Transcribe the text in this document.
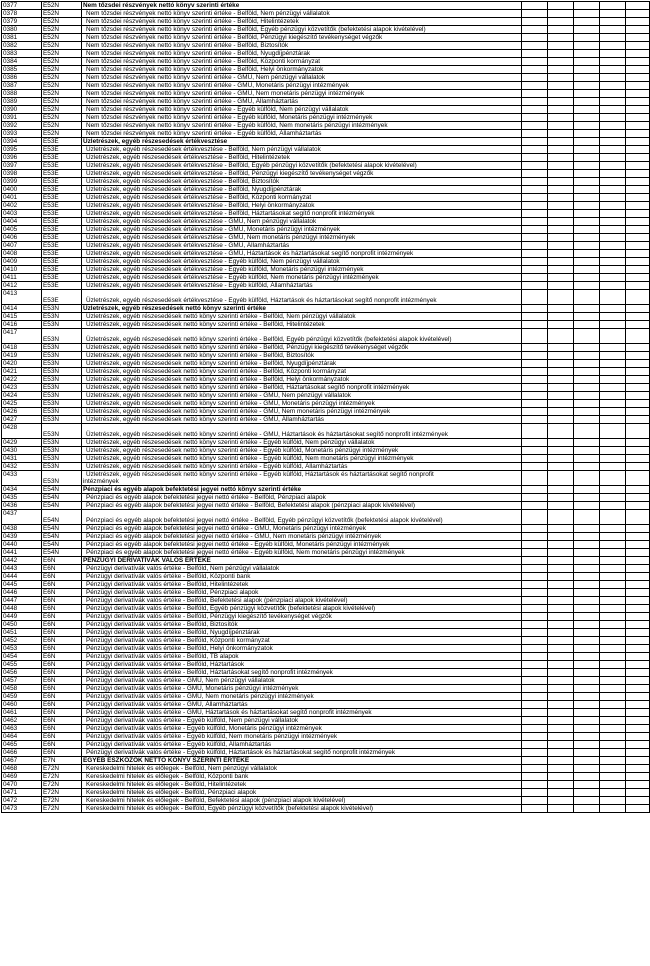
0377	E52N	Nem tőzsdei részvények nettó könyv szerinti értéke					
0378	E52N	Nem tőzsdei részvények nettó könyv szerinti értéke - Belföld, Nem pénzügyi vállalatok					
0379	E52N	Nem tőzsdei részvények nettó könyv szerinti értéke - Belföld, Hitelintézetek					
0380	E52N	Nem tőzsdei részvények nettó könyv szerinti értéke - Belföld, Egyéb pénzügyi közvetítők (befektetési alapok kivételével)					
0381	E52N	Nem tőzsdei részvények nettó könyv szerinti értéke - Belföld, Pénzügyi kiegészítő tevékenységet végzők					
0382	E52N	Nem tőzsdei részvények nettó könyv szerinti értéke - Belföld, Biztosítók					
0383	E52N	Nem tőzsdei részvények nettó könyv szerinti értéke - Belföld, Nyugdíjpénztárak					
0384	E52N	Nem tőzsdei részvények nettó könyv szerinti értéke - Belföld, Központi kormányzat					
0385	E52N	Nem tőzsdei részvények nettó könyv szerinti értéke - Belföld, Helyi önkormányzatok					
0386	E52N	Nem tőzsdei részvények nettó könyv szerinti értéke - GMU, Nem pénzügyi vállalatok					
0387	E52N	Nem tőzsdei részvények nettó könyv szerinti értéke - GMU, Monetáris pénzügyi intézmények					
0388	E52N	Nem tőzsdei részvények nettó könyv szerinti értéke - GMU, Nem monetáris pénzügyi intézmények					
0389	E52N	Nem tőzsdei részvények nettó könyv szerinti értéke - GMU, Államháztartás					
0390	E52N	Nem tőzsdei részvények nettó könyv szerinti értéke - Egyéb külföld, Nem pénzügyi vállalatok					
0391	E52N	Nem tőzsdei részvények nettó könyv szerinti értéke - Egyéb külföld, Monetáris pénzügyi intézmények					
0392	E52N	Nem tőzsdei részvények nettó könyv szerinti értéke - Egyéb külföld, Nem monetáris pénzügyi intézmények					
0393	E52N	Nem tőzsdei részvények nettó könyv szerinti értéke - Egyéb külföld, Államháztartás					
0394	E53E	Üzletrészek, egyéb részesedések értékvesztése					
0395	E53E	Üzletrészek, egyéb részesedések értékvesztése - Belföld, Nem pénzügyi vállalatok					
0396	E53E	Üzletrészek, egyéb részesedések értékvesztése - Belföld, Hitelintézetek					
0397	E53E	Üzletrészek, egyéb részesedések értékvesztése - Belföld, Egyéb pénzügyi közvetítők (befektetési alapok kivételével)					
0398	E53E	Üzletrészek, egyéb részesedések értékvesztése - Belföld, Pénzügyi kiegészítő tevékenységet végzők					
0399	E53E	Üzletrészek, egyéb részesedések értékvesztése - Belföld, Biztosítók					
0400	E53E	Üzletrészek, egyéb részesedések értékvesztése - Belföld, Nyugdíjpénztárak					
0401	E53E	Üzletrészek, egyéb részesedések értékvesztése - Belföld, Központi kormányzat					
0402	E53E	Üzletrészek, egyéb részesedések értékvesztése - Belföld, Helyi önkormányzatok					
0403	E53E	Üzletrészek, egyéb részesedések értékvesztése - Belföld, Háztartásokat segítő nonprofit intézmények					
0404	E53E	Üzletrészek, egyéb részesedések értékvesztése - GMU, Nem pénzügyi vállalatok					
0405	E53E	Üzletrészek, egyéb részesedések értékvesztése - GMU, Monetáris pénzügyi intézmények					
0406	E53E	Üzletrészek, egyéb részesedések értékvesztése - GMU, Nem monetáris pénzügyi intézmények					
0407	E53E	Üzletrészek, egyéb részesedések értékvesztése - GMU, Államháztartás					
0408	E53E	Üzletrészek, egyéb részesedések értékvesztése - GMU, Háztartások és háztartásokat segítő nonprofit intézmények					
0409	E53E	Üzletrészek, egyéb részesedések értékvesztése - Egyéb külföld, Nem pénzügyi vállalatok					
0410	E53E	Üzletrészek, egyéb részesedések értékvesztése - Egyéb külföld, Monetáris pénzügyi intézmények					
0411	E53E	Üzletrészek, egyéb részesedések értékvesztése - Egyéb külföld, Nem monetáris pénzügyi intézmények					
0412	E53E	Üzletrészek, egyéb részesedések értékvesztése - Egyéb külföld, Államháztartás					
0413	E53E	Üzletrészek, egyéb részesedések értékvesztése - Egyéb külföld, Háztartások és háztartásokat segítő nonprofit intézmények					
0414	E53N	Üzletrészek, egyéb részesedések nettó könyv szerinti értéke					
0415	E53N	Üzletrészek, egyéb részesedések nettó könyv szerinti értéke - Belföld, Nem pénzügyi vállalatok					
0416	E53N	Üzletrészek, egyéb részesedések nettó könyv szerinti értéke - Belföld, Hitelintézetek					
0417	E53N	Üzletrészek, egyéb részesedések nettó könyv szerinti értéke - Belföld, Egyéb pénzügyi közvetítők (befektetési alapok kivételével)					
0418	E53N	Üzletrészek, egyéb részesedések nettó könyv szerinti értéke - Belföld, Pénzügyi kiegészítő tevékenységet végzők					
0419	E53N	Üzletrészek, egyéb részesedések nettó könyv szerinti értéke - Belföld, Biztosítók					
0420	E53N	Üzletrészek, egyéb részesedések nettó könyv szerinti értéke - Belföld, Nyugdíjpénztárak					
0421	E53N	Üzletrészek, egyéb részesedések nettó könyv szerinti értéke - Belföld, Központi kormányzat					
0422	E53N	Üzletrészek, egyéb részesedések nettó könyv szerinti értéke - Belföld, Helyi önkormányzatok					
0423	E53N	Üzletrészek, egyéb részesedések nettó könyv szerinti értéke - Belföld, Háztartásokat segítő nonprofit intézmények					
0424	E53N	Üzletrészek, egyéb részesedések nettó könyv szerinti értéke - GMU, Nem pénzügyi vállalatok					
0425	E53N	Üzletrészek, egyéb részesedések nettó könyv szerinti értéke - GMU, Monetáris pénzügyi intézmények					
0426	E53N	Üzletrészek, egyéb részesedések nettó könyv szerinti értéke - GMU, Nem monetáris pénzügyi intézmények					
0427	E53N	Üzletrészek, egyéb részesedések nettó könyv szerinti értéke - GMU, Államháztartás					
0428	E53N	Üzletrészek, egyéb részesedések nettó könyv szerinti értéke - GMU, Háztartások és háztartásokat segítő nonprofit intézmények					
0429	E53N	Üzletrészek, egyéb részesedések nettó könyv szerinti értéke - Egyéb külföld, Nem pénzügyi vállalatok					
0430	E53N	Üzletrészek, egyéb részesedések nettó könyv szerinti értéke - Egyéb külföld, Monetáris pénzügyi intézmények					
0431	E53N	Üzletrészek, egyéb részesedések nettó könyv szerinti értéke - Egyéb külföld, Nem monetáris pénzügyi intézmények					
0432	E53N	Üzletrészek, egyéb részesedések nettó könyv szerinti értéke - Egyéb külföld, Államháztartás					
0433	E53N	Üzletrészek, egyéb részesedések nettó könyv szerinti értéke - Egyéb külföld, Háztartások és háztartásokat segítő nonprofit
intézmények					

0434	E54N	Pénzpiaci és egyéb alapok befektetési jegyei nettó könyv szerinti értéke					
0435	E54N	Pénzpiaci és egyéb alapok befektetési jegyei nettó értéke - Belföld, Pénzpiaci alapok					
0436	E54N	Pénzpiaci és egyéb alapok befektetési jegyei nettó értéke - Belföld, Befektetési alapok (pénzpiaci alapok kivételével)					
0437	E54N	Pénzpiaci és egyéb alapok befektetési jegyei nettó értéke - Belföld, Egyéb pénzügyi közvetítők (befektetési alapok kivételével)					
0438	E54N	Pénzpiaci és egyéb alapok befektetési jegyei nettó értéke - GMU, Monetáris pénzügyi intézmények					
0439	E54N	Pénzpiaci és egyéb alapok befektetési jegyei nettó értéke - GMU, Nem monetáris pénzügyi intézmények					
0440	E54N	Pénzpiaci és egyéb alapok befektetési jegyei nettó értéke - Egyéb külföld, Monetáris pénzügyi intézmények					
0441	E54N	Pénzpiaci és egyéb alapok befektetési jegyei nettó értéke - Egyéb külföld, Nem monetáris pénzügyi intézmények					
0442	E6N	PÉNZÜGYI DERIVATÍVÁK VALÓS ÉRTÉKE					
0443	E6N	Pénzügyi derivatívák valós értéke - Belföld, Nem pénzügyi vállalatok					
0444	E6N	Pénzügyi derivatívák valós értéke - Belföld, Központi bank					
0445	E6N	Pénzügyi derivatívák valós értéke - Belföld, Hitelintézetek					
0446	E6N	Pénzügyi derivatívák valós értéke - Belföld, Pénzpiaci alapok					
0447	E6N	Pénzügyi derivatívák valós értéke - Belföld, Befektetési alapok (pénzpiaci alapok kivételével)					
0448	E6N	Pénzügyi derivatívák valós értéke - Belföld, Egyéb pénzügyi közvetítők (befektetési alapok kivételével)					
0449	E6N	Pénzügyi derivatívák valós értéke - Belföld, Pénzügyi kiegészítő tevékenységet végzők					
0450	E6N	Pénzügyi derivatívák valós értéke - Belföld, Biztosítók					
0451	E6N	Pénzügyi derivatívák valós értéke - Belföld, Nyugdíjpénztárak					
0452	E6N	Pénzügyi derivatívák valós értéke - Belföld, Központi kormányzat					
0453	E6N	Pénzügyi derivatívák valós értéke - Belföld, Helyi önkormányzatok					
0454	E6N	Pénzügyi derivatívák valós értéke - Belföld, TB alapok					
0455	E6N	Pénzügyi derivatívák valós értéke - Belföld, Háztartások					
0456	E6N	Pénzügyi derivatívák valós értéke - Belföld, Háztartásokat segítő nonprofit intézmények					
0457	E6N	Pénzügyi derivatívák valós értéke - GMU, Nem pénzügyi vállalatok					
0458	E6N	Pénzügyi derivatívák valós értéke - GMU, Monetáris pénzügyi intézmények					
0459	E6N	Pénzügyi derivatívák valós értéke - GMU, Nem monetáris pénzügyi intézmények					
0460	E6N	Pénzügyi derivatívák valós értéke - GMU, Államháztartás					
0461	E6N	Pénzügyi derivatívák valós értéke - GMU, Háztartások és háztartásokat segítő nonprofit intézmények					
0462	E6N	Pénzügyi derivatívák valós értéke - Egyéb külföld, Nem pénzügyi vállalatok					
0463	E6N	Pénzügyi derivatívák valós értéke - Egyéb külföld, Monetáris pénzügyi intézmények					
0464	E6N	Pénzügyi derivatívák valós értéke - Egyéb külföld, Nem monetáris pénzügyi intézmények					
0465	E6N	Pénzügyi derivatívák valós értéke - Egyéb külföld, Államháztartás					
0466	E6N	Pénzügyi derivatívák valós értéke - Egyéb külföld, Háztartások és háztartásokat segítő nonprofit intézmények					
0467	E7N	EGYÉB ESZKÖZÖK NETTÓ KÖNYV SZERINTI ÉRTÉKE					
0468	E72N	Kereskedelmi hitelek és előlegek - Belföld, Nem pénzügyi vállalatok					
0469	E72N	Kereskedelmi hitelek és előlegek - Belföld, Központi bank					
0470	E72N	Kereskedelmi hitelek és előlegek - Belföld, Hitelintézetek					
0471	E72N	Kereskedelmi hitelek és előlegek - Belföld, Pénzpiaci alapok					
0472	E72N	Kereskedelmi hitelek és előlegek - Belföld, Befektetési alapok (pénzpiaci alapok kivételével)					
0473	E72N	Kereskedelmi hitelek és előlegek - Belföld, Egyéb pénzügyi közvetítők (befektetési alapok kivételével)					
